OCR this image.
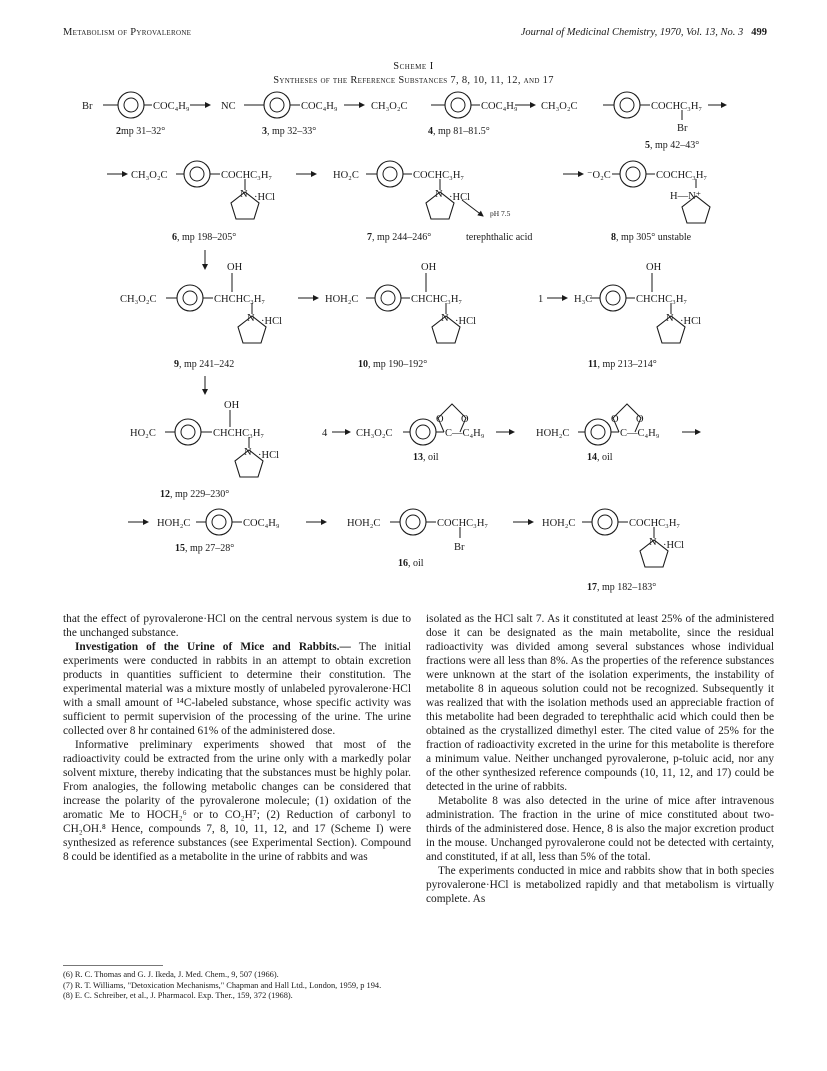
Metabolism of Pyrovalerone	Journal of Medicinal Chemistry, 1970, Vol. 13, No. 3 499
Scheme I
Syntheses of the Reference Substances 7, 8, 10, 11, 12, and 17
Br	COC₄H₉	NC	COC₄H₉	CH₃O₂C	COC₄H₉ CH₃O₂C	COCHC₃H₇
Br
CH₃O₂C	COCHC₃H₇
·HCl
N
HO₂C	COCHC₃H₇
N ·HCl
⁻O₂C	COCHC₃H₇
H—N⁺
OH
CH₃O₂C	CHCHC₃H₇
N ·HCl
OH
HOH₂C	CHCHC₃H₇
N ·HCl
OH
1	H₃C	CHCHC₃H₇
N ·HCl
OH
HO₂C	CHCHC₃H₇
N ·HCl
4	CH₃O₂C	C—C₄H₉
O O
HOH₂C	C—C₄H₉
O O
HOH₂C	COC₄H₉	HOH₂C	COCHC₃H₇
Br
HOH₂C	COCHC₃H₇
N ·HCl
2mp 31–32°	3, mp 32–33°	4, mp 81–81.5°
5, mp 42–43°
6, mp 198–205°	7, mp 244–246°	terephthalic acid
pH 7.5
8, mp 305° unstable
9, mp 241–242	10, mp 190–192°	11, mp 213–214°
12, mp 229–230°
13, oil	14, oil
15, mp 27–28°
16, oil
17, mp 182–183°

that the effect of pyrovalerone·HCl on the central nervous system is due to the unchanged substance.

Investigation of the Urine of Mice and Rabbits.— The initial experiments were conducted in rabbits in an attempt to obtain excretion products in quantities sufficient to determine their constitution. The experimental material was a mixture mostly of unlabeled pyrovalerone·HCl with a small amount of ¹⁴C-labeled substance, whose specific activity was sufficient to permit supervision of the processing of the urine. The urine collected over 8 hr contained 61% of the administered dose.

Informative preliminary experiments showed that most of the radioactivity could be extracted from the urine only with a markedly polar solvent mixture, thereby indicating that the substances must be highly polar. From analogies, the following metabolic changes can be considered that increase the polarity of the pyrovalerone molecule; (1) oxidation of the aromatic Me to HOCH₂⁶ or to CO₂H⁷; (2) Reduction of carbonyl to CH₂OH.⁸ Hence, compounds 7, 8, 10, 11, 12, and 17 (Scheme I) were synthesized as reference substances (see Experimental Section). Compound 8 could be identified as a metabolite in the urine of rabbits and was

isolated as the HCl salt 7. As it constituted at least 25% of the administered dose it can be designated as the main metabolite, since the residual radioactivity was divided among several substances whose individual fractions were all less than 8%. As the properties of the reference substances were unknown at the start of the isolation experiments, the instability of metabolite 8 in aqueous solution could not be recognized. Subsequently it was realized that with the isolation methods used an appreciable fraction of this metabolite had been degraded to terephthalic acid which could then be obtained as the crystallized dimethyl ester. The cited value of 25% for the fraction of radioactivity excreted in the urine for this metabolite is therefore a minimum value. Neither unchanged pyrovalerone, p-toluic acid, nor any of the other synthesized reference compounds (10, 11, 12, and 17) could be detected in the urine of rabbits.

Metabolite 8 was also detected in the urine of mice after intravenous administration. The fraction in the urine of mice constituted about two-thirds of the administered dose. Hence, 8 is also the major excretion product in the mouse. Unchanged pyrovalerone could not be detected with certainty, and constituted, if at all, less than 5% of the total.

The experiments conducted in mice and rabbits show that in both species pyrovalerone·HCl is metabolized rapidly and that metabolism is virtually complete. As

(6) R. C. Thomas and G. J. Ikeda, J. Med. Chem., 9, 507 (1966).
(7) R. T. Williams, "Detoxication Mechanisms," Chapman and Hall Ltd., London, 1959, p 194.
(8) E. C. Schreiber, et al., J. Pharmacol. Exp. Ther., 159, 372 (1968).
